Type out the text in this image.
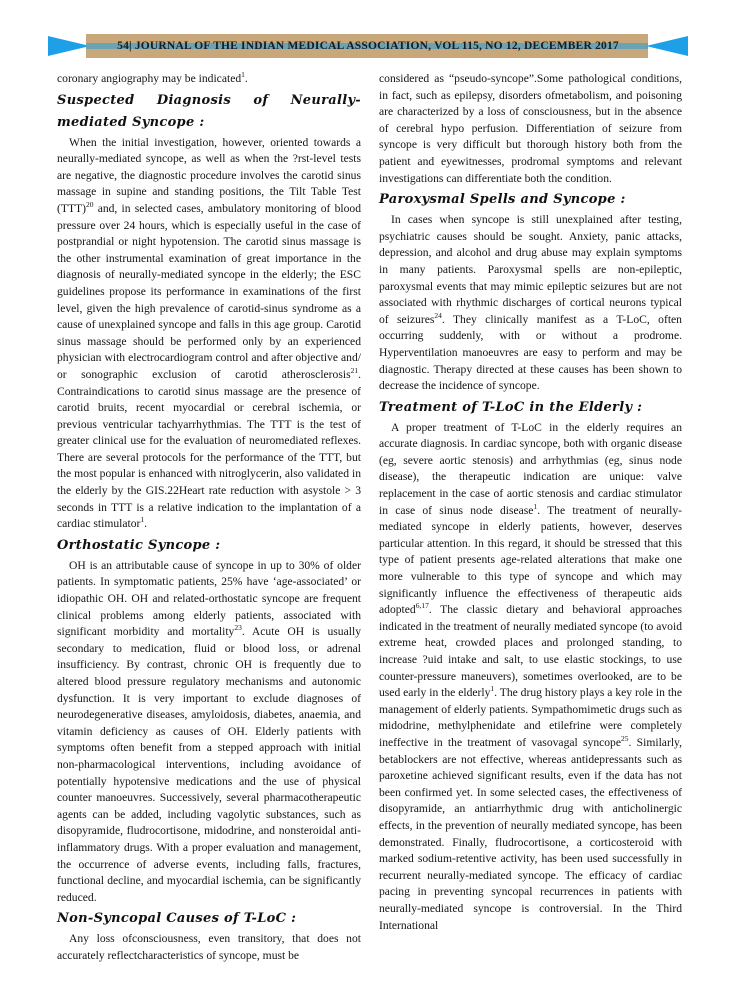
54| JOURNAL OF THE INDIAN MEDICAL ASSOCIATION, VOL 115, NO 12, DECEMBER 2017

coronary angiography may be indicated$^1$.

Suspected Diagnosis of Neurally-mediated Syncope :

When the initial investigation, however, oriented towards a neurally-mediated syncope, as well as when the ?rst-level tests are negative, the diagnostic procedure involves the carotid sinus massage in supine and standing positions, the Tilt Table Test (TTT)$^{20}$ and, in selected cases, ambulatory monitoring of blood pressure over 24 hours, which is especially useful in the case of postprandial or night hypotension. The carotid sinus massage is the other instrumental examination of great importance in the diagnosis of neurally-mediated syncope in the elderly; the ESC guidelines propose its performance in examinations of the first level, given the high prevalence of carotid-sinus syndrome as a cause of unexplained syncope and falls in this age group. Carotid sinus massage should be performed only by an experienced physician with electrocardiogram control and after objective and/ or sonographic exclusion of carotid atherosclerosis$^{21}$. Contraindications to carotid sinus massage are the presence of carotid bruits, recent myocardial or cerebral ischemia, or previous ventricular tachyarrhythmias. The TTT is the test of greater clinical use for the evaluation of neuromediated reflexes. There are several protocols for the performance of the TTT, but the most popular is enhanced with nitroglycerin, also validated in the elderly by the GIS.22Heart rate reduction with asystole > 3 seconds in TTT is a relative indication to the implantation of a cardiac stimulator$^1$.

Orthostatic Syncope :

OH is an attributable cause of syncope in up to 30% of older patients. In symptomatic patients, 25% have ‘age-associated’ or idiopathic OH. OH and related-orthostatic syncope are frequent clinical problems among elderly patients, associated with significant morbidity and mortality$^{23}$. Acute OH is usually secondary to medication, fluid or blood loss, or adrenal insufficiency. By contrast, chronic OH is frequently due to altered blood pressure regulatory mechanisms and autonomic dysfunction. It is very important to exclude diagnoses of neurodegenerative diseases, amyloidosis, diabetes, anaemia, and vitamin deficiency as causes of OH. Elderly patients with symptoms often benefit from a stepped approach with initial non-pharmacological interventions, including avoidance of potentially hypotensive medications and the use of physical counter manoeuvres. Successively, several pharmacotherapeutic agents can be added, including vagolytic substances, such as disopyramide, fludrocortisone, midodrine, and nonsteroidal anti-inflammatory drugs. With a proper evaluation and management, the occurrence of adverse events, including falls, fractures, functional decline, and myocardial ischemia, can be significantly reduced.

Non-Syncopal Causes of T-LoC :

Any loss ofconsciousness, even transitory, that does not accurately reflectcharacteristics of syncope, must be

considered as “pseudo-syncope”.Some pathological conditions, in fact, such as epilepsy, disorders ofmetabolism, and poisoning are characterized by a loss of consciousness, but in the absence of cerebral hypo perfusion. Differentiation of seizure from syncope is very difficult but thorough history both from the patient and eyewitnesses, prodromal symptoms and relevant investigations can differentiate both the condition.

Paroxysmal Spells and Syncope :

In cases when syncope is still unexplained after testing, psychiatric causes should be sought. Anxiety, panic attacks, depression, and alcohol and drug abuse may explain symptoms in many patients. Paroxysmal spells are non-epileptic, paroxysmal events that may mimic epileptic seizures but are not associated with rhythmic discharges of cortical neurons typical of seizures$^{24}$. They clinically manifest as a T-LoC, often occurring suddenly, with or without a prodrome. Hyperventilation manoeuvres are easy to perform and may be diagnostic. Therapy directed at these causes has been shown to decrease the incidence of syncope.

Treatment of T-LoC in the Elderly :

A proper treatment of T-LoC in the elderly requires an accurate diagnosis. In cardiac syncope, both with organic disease (eg, severe aortic stenosis) and arrhythmias (eg, sinus node disease), the therapeutic indication are unique: valve replacement in the case of aortic stenosis and cardiac stimulator in case of sinus node disease$^1$. The treatment of neurally-mediated syncope in elderly patients, however, deserves particular attention. In this regard, it should be stressed that this type of patient presents age-related alterations that make one more vulnerable to this type of syncope and which may significantly influence the effectiveness of therapeutic aids adopted$^{6,17}$. The classic dietary and behavioral approaches indicated in the treatment of neurally mediated syncope (to avoid extreme heat, crowded places and prolonged standing, to increase ?uid intake and salt, to use elastic stockings, to use counter-pressure maneuvers), sometimes overlooked, are to be used early in the elderly$^1$. The drug history plays a key role in the management of elderly patients. Sympathomimetic drugs such as midodrine, methylphenidate and etilefrine were completely ineffective in the treatment of vasovagal syncope$^{25}$. Similarly, betablockers are not effective, whereas antidepressants such as paroxetine achieved significant results, even if the data has not been confirmed yet. In some selected cases, the effectiveness of disopyramide, an antiarrhythmic drug with anticholinergic effects, in the prevention of neurally mediated syncope, has been demonstrated. Finally, fludrocortisone, a corticosteroid with marked sodium-retentive activity, has been used successfully in recurrent neurally-mediated syncope. The efficacy of cardiac pacing in preventing syncopal recurrences in patients with neurally-mediated syncope is controversial. In the Third International
